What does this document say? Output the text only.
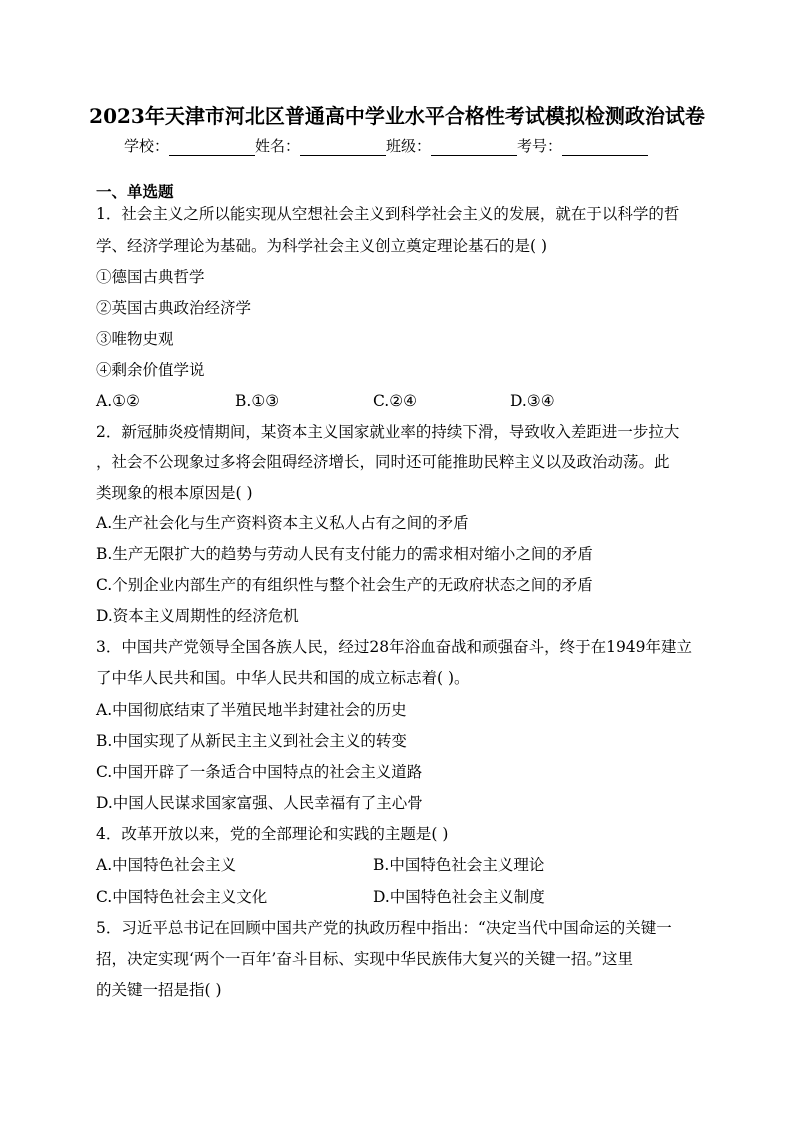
2023年天津市河北区普通高中学业水平合格性考试模拟检测政治试卷
学校：	姓名：	班级：	考号：
一、单选题
1．社会主义之所以能实现从空想社会主义到科学社会主义的发展，就在于以科学的哲
学、经济学理论为基础。为科学社会主义创立奠定理论基石的是( )
①德国古典哲学
②英国古典政治经济学
③唯物史观
④剩余价值学说
A.①②	B.①③	C.②④	D.③④
2．新冠肺炎疫情期间，某资本主义国家就业率的持续下滑，导致收入差距进一步拉大
，社会不公现象过多将会阻碍经济增长，同时还可能推助民粹主义以及政治动荡。此
类现象的根本原因是( )
A.生产社会化与生产资料资本主义私人占有之间的矛盾
B.生产无限扩大的趋势与劳动人民有支付能力的需求相对缩小之间的矛盾
C.个别企业内部生产的有组织性与整个社会生产的无政府状态之间的矛盾
D.资本主义周期性的经济危机
3．中国共产党领导全国各族人民，经过28年浴血奋战和顽强奋斗，终于在1949年建立
了中华人民共和国。中华人民共和国的成立标志着( )。
A.中国彻底结束了半殖民地半封建社会的历史
B.中国实现了从新民主主义到社会主义的转变
C.中国开辟了一条适合中国特点的社会主义道路
D.中国人民谋求国家富强、人民幸福有了主心骨
4．改革开放以来，党的全部理论和实践的主题是( )
A.中国特色社会主义	B.中国特色社会主义理论
C.中国特色社会主义文化	D.中国特色社会主义制度
5．习近平总书记在回顾中国共产党的执政历程中指出：“决定当代中国命运的关键一
招，决定实现‘两个一百年’奋斗目标、实现中华民族伟大复兴的关键一招。”这里
的关键一招是指( )
